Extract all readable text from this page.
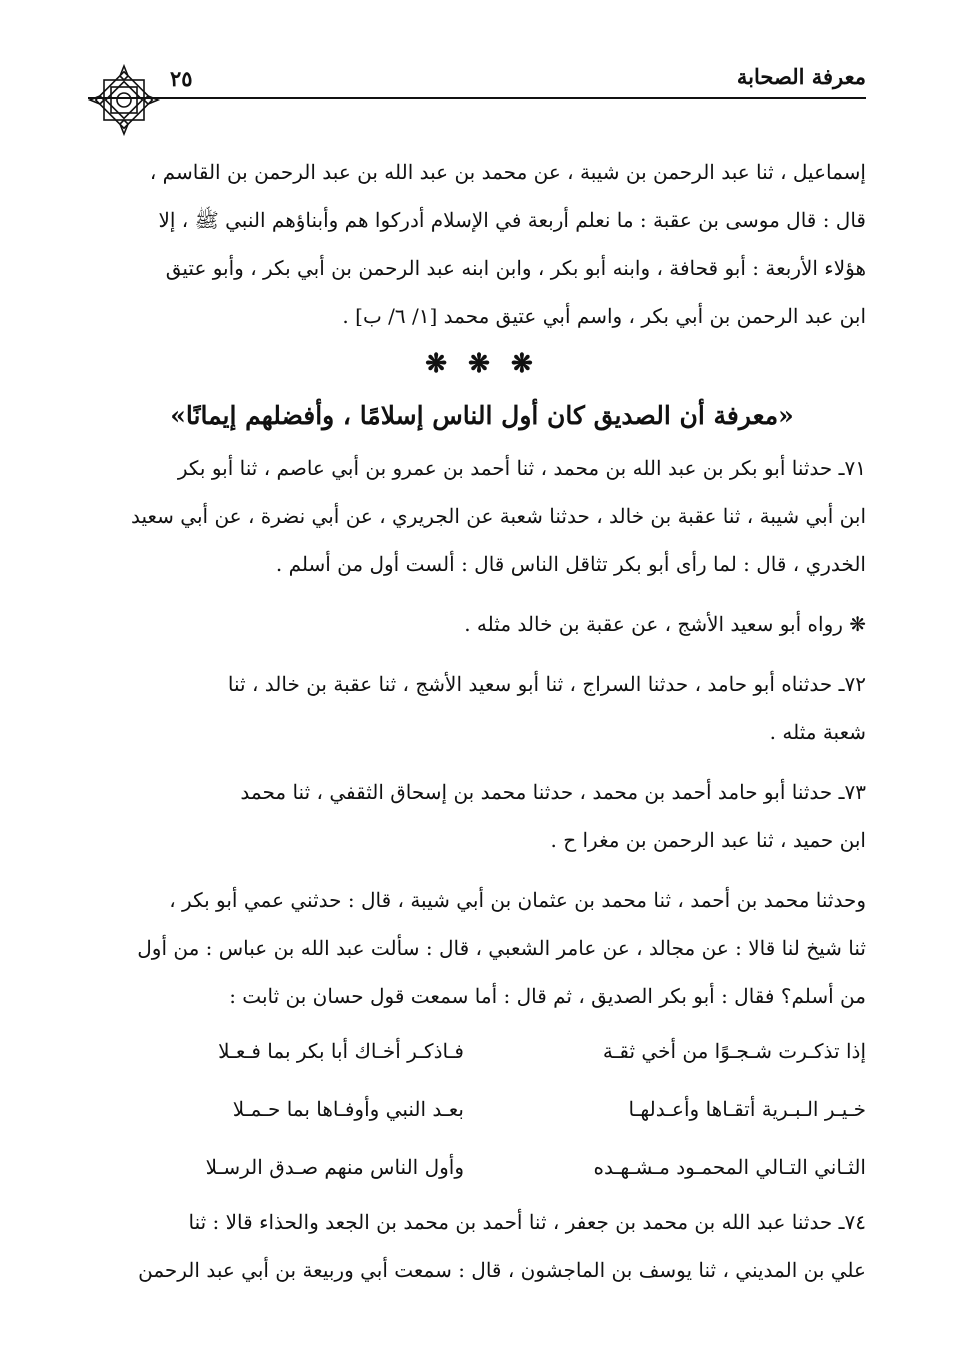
معرفة الصحابة
٢٥

إسماعيل ، ثنا عبد الرحمن بن شيبة ، عن محمد بن عبد الله بن عبد الرحمن بن القاسم ،

قال : قال موسى بن عقبة : ما نعلم أربعة في الإسلام أدركوا هم وأبناؤهم النبي ﷺ ، إلا

هؤلاء الأربعة : أبو قحافة ، وابنه أبو بكر ، وابن ابنه عبد الرحمن بن أبي بكر ، وأبو عتيق

ابن عبد الرحمن بن أبي بكر ، واسم أبي عتيق محمد [١/ ٦/ ب] .

❋ ❋ ❋
«معرفة أن الصديق كان أول الناس إسلامًا ، وأفضلهم إيمانًا»

٧١ـ حدثنا أبو بكر بن عبد الله بن محمد ، ثنا أحمد بن عمرو بن أبي عاصم ، ثنا أبو بكر

ابن أبي شيبة ، ثنا عقبة بن خالد ، حدثنا شعبة عن الجريري ، عن أبي نضرة ، عن أبي سعيد

الخدري ، قال : لما رأى أبو بكر تثاقل الناس قال : ألست أول من أسلم .

❋ رواه أبو سعيد الأشج ، عن عقبة بن خالد مثله .

٧٢ـ حدثناه أبو حامد ، حدثنا السراج ، ثنا أبو سعيد الأشج ، ثنا عقبة بن خالد ، ثنا

شعبة مثله .

٧٣ـ حدثنا أبو حامد أحمد بن محمد ، حدثنا محمد بن إسحاق الثقفي ، ثنا محمد

ابن حميد ، ثنا عبد الرحمن بن مغرا ح .

وحدثنا محمد بن أحمد ، ثنا محمد بن عثمان بن أبي شيبة ، قال : حدثني عمي أبو بكر ،

ثنا شيخ لنا قالا : عن مجالد ، عن عامر الشعبي ، قال : سألت عبد الله بن عباس : من أول

من أسلم؟ فقال : أبو بكر الصديق ، ثم قال : أما سمعت قول حسان بن ثابت :

إذا تذكـرت شـجـوًا من أخي ثقـة
فـاذكـر أخـاك أبا بكر بما فـعـلا
خـيـر الـبـرية أتقـاها وأعـدلهـا
بعـد النبي وأوفـاها بما حـمـلا
الثـاني التـالي المحمـود مـشـهـده
وأول الناس منهم صـدق الرسـلا

٧٤ـ حدثنا عبد الله بن محمد بن جعفر ، ثنا أحمد بن محمد بن الجعد والحذاء قالا : ثنا

علي بن المديني ، ثنا يوسف بن الماجشون ، قال : سمعت أبي وربيعة بن أبي عبد الرحمن
